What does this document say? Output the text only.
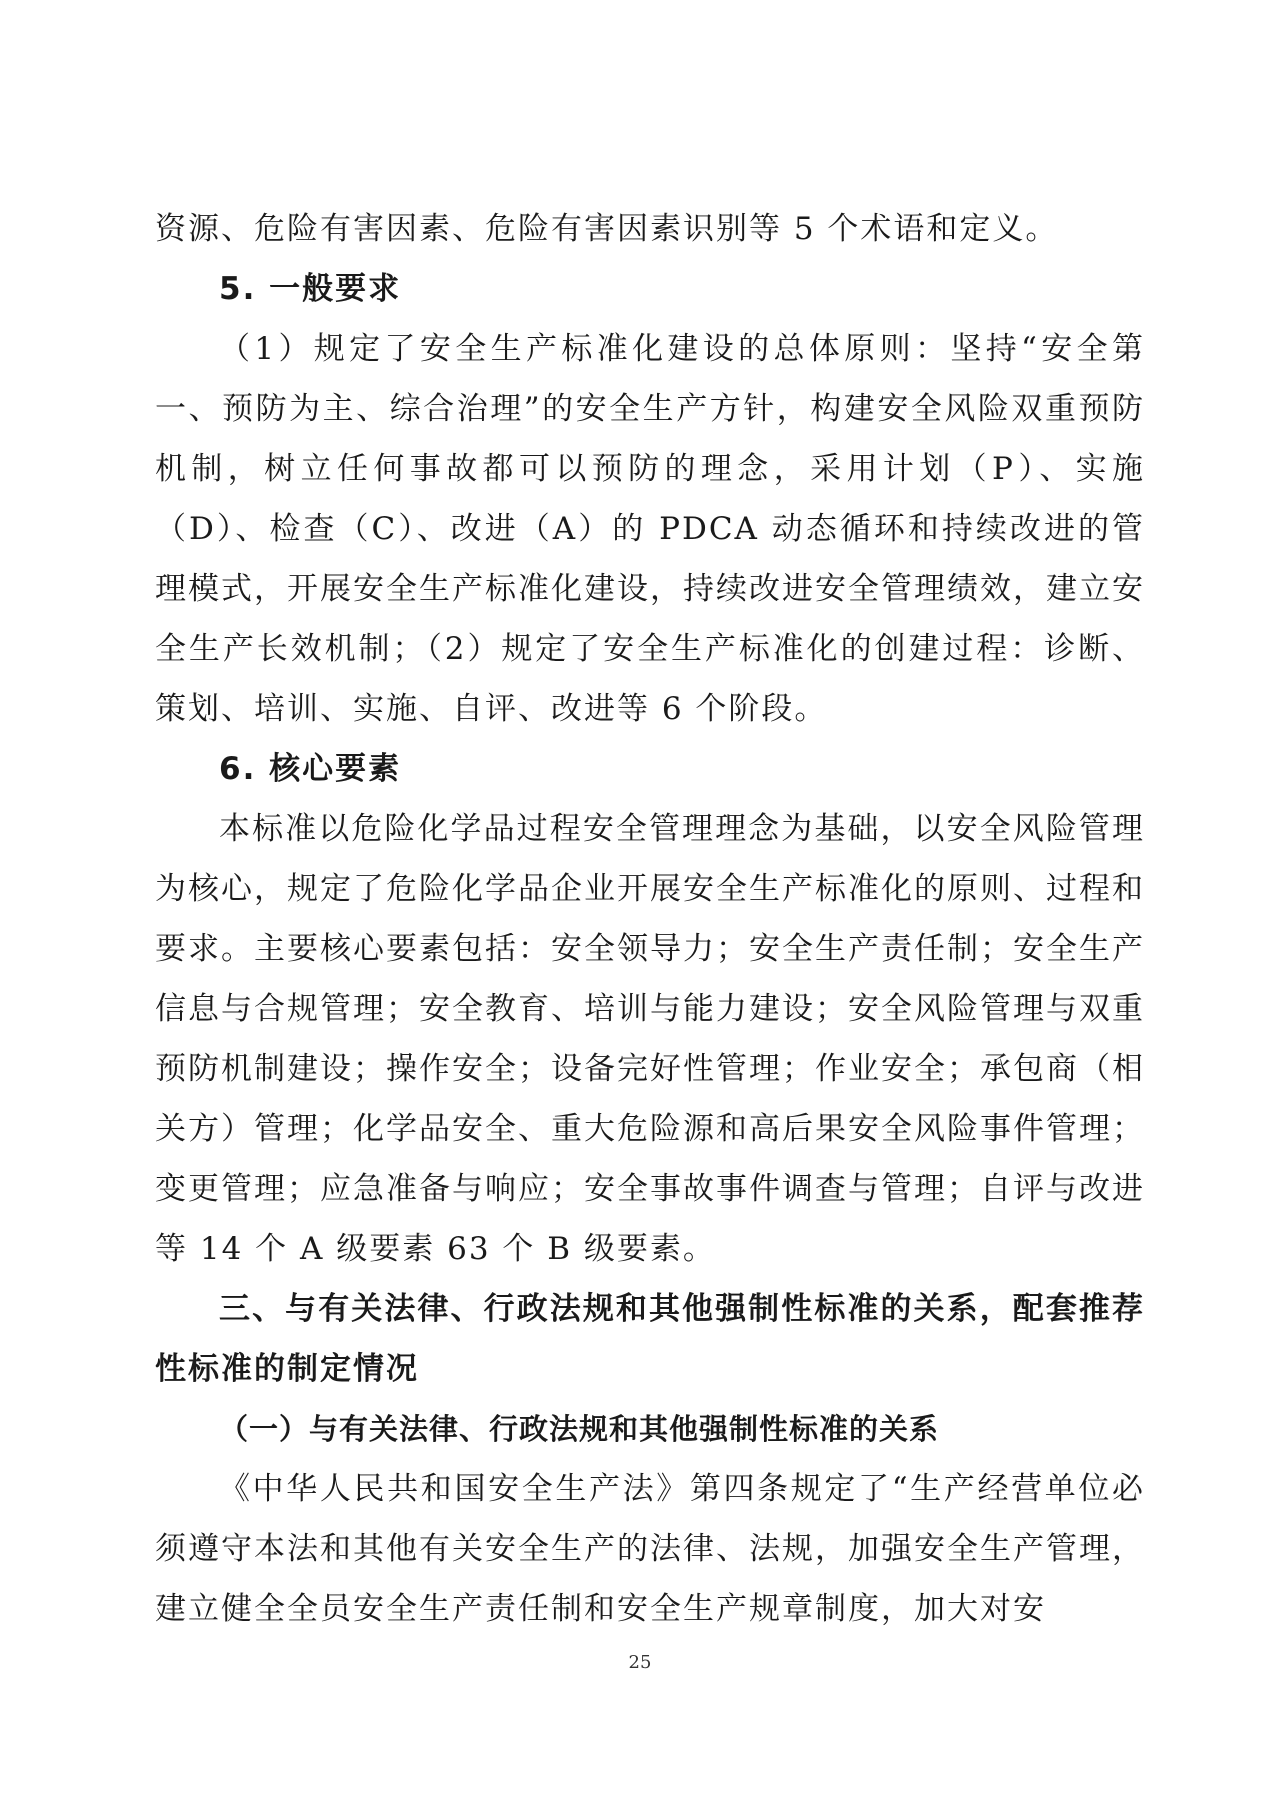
资源、危险有害因素、危险有害因素识别等 5 个术语和定义。

5. 一般要求

（1）规定了安全生产标准化建设的总体原则：坚持“安全第一、预防为主、综合治理”的安全生产方针，构建安全风险双重预防机制，树立任何事故都可以预防的理念，采用计划（P）、实施（D）、检查（C）、改进（A）的 PDCA 动态循环和持续改进的管理模式，开展安全生产标准化建设，持续改进安全管理绩效，建立安全生产长效机制；（2）规定了安全生产标准化的创建过程：诊断、策划、培训、实施、自评、改进等 6 个阶段。

6. 核心要素

本标准以危险化学品过程安全管理理念为基础，以安全风险管理为核心，规定了危险化学品企业开展安全生产标准化的原则、过程和要求。主要核心要素包括：安全领导力；安全生产责任制；安全生产信息与合规管理；安全教育、培训与能力建设；安全风险管理与双重预防机制建设；操作安全；设备完好性管理；作业安全；承包商（相关方）管理；化学品安全、重大危险源和高后果安全风险事件管理；变更管理；应急准备与响应；安全事故事件调查与管理；自评与改进等 14 个 A 级要素 63 个 B 级要素。

三、与有关法律、行政法规和其他强制性标准的关系，配套推荐性标准的制定情况

（一）与有关法律、行政法规和其他强制性标准的关系

《中华人民共和国安全生产法》第四条规定了“生产经营单位必须遵守本法和其他有关安全生产的法律、法规，加强安全生产管理，建立健全全员安全生产责任制和安全生产规章制度，加大对安

25
